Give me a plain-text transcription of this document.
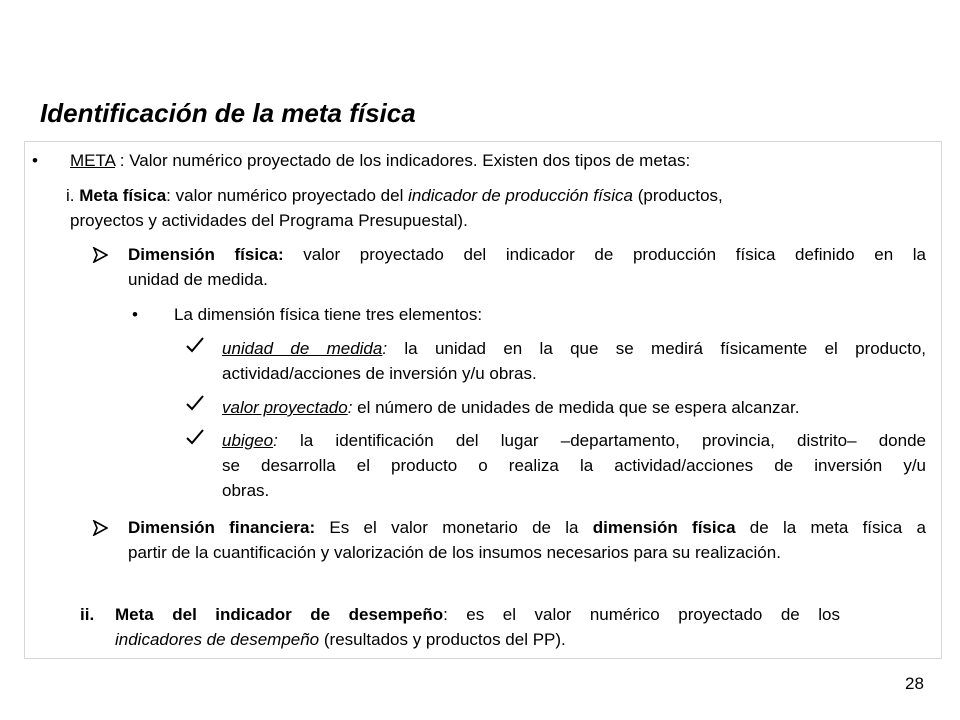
Identificación de la meta física
• META : Valor numérico proyectado de los indicadores. Existen dos tipos de metas:
i. Meta física: valor numérico proyectado del indicador de producción física (productos,
proyectos y actividades del Programa Presupuestal).
Dimensión física: valor proyectado del indicador de producción física definido en la
unidad de medida.
• La dimensión física tiene tres elementos:
unidad de medida: la unidad en la que se medirá físicamente el producto,
actividad/acciones de inversión y/u obras.
valor proyectado: el número de unidades de medida que se espera alcanzar.
ubigeo: la identificación del lugar –departamento, provincia, distrito– donde
se desarrolla el producto o realiza la actividad/acciones de inversión y/u
obras.
Dimensión financiera: Es el valor monetario de la dimensión física de la meta física a
partir de la cuantificación y valorización de los insumos necesarios para su realización.
ii. Meta del indicador de desempeño: es el valor numérico proyectado de los
indicadores de desempeño (resultados y productos del PP).
28
